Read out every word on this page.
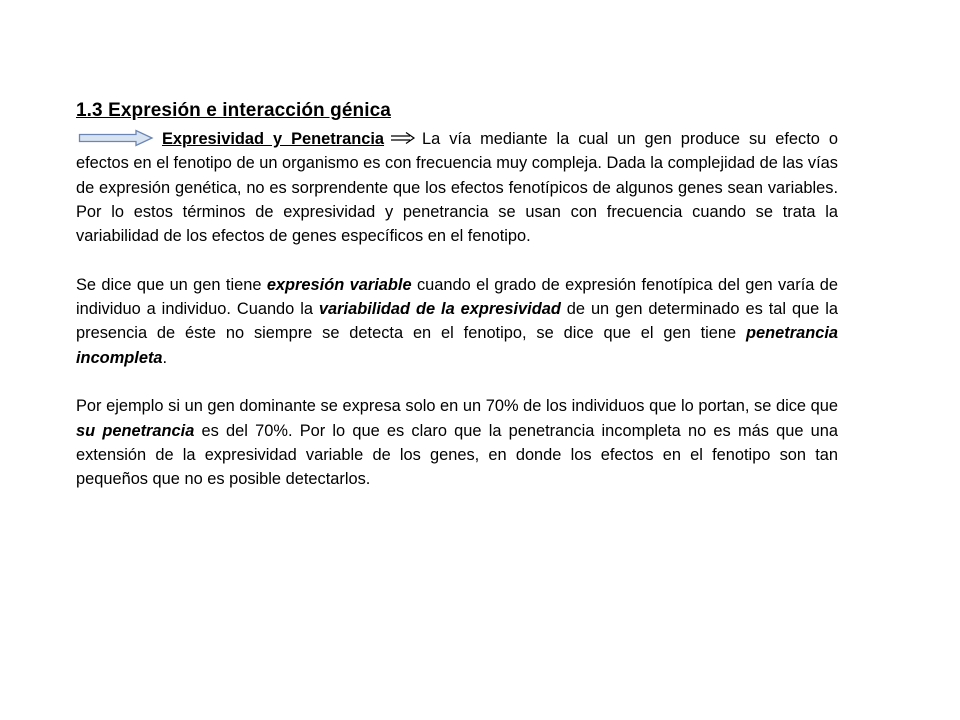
1.3 Expresión e interacción génica

Expresividad y Penetrancia La vía mediante la cual un gen produce su efecto o efectos en el fenotipo de un organismo es con frecuencia muy compleja. Dada la complejidad de las vías de expresión genética, no es sorprendente que los efectos fenotípicos de algunos genes sean variables. Por lo estos términos de expresividad y penetrancia se usan con frecuencia cuando se trata la variabilidad de los efectos de genes específicos en el fenotipo.

Se dice que un gen tiene expresión variable cuando el grado de expresión fenotípica del gen varía de individuo a individuo. Cuando la variabilidad de la expresividad de un gen determinado es tal que la presencia de éste no siempre se detecta en el fenotipo, se dice que el gen tiene penetrancia incompleta.

Por ejemplo si un gen dominante se expresa solo en un 70% de los individuos que lo portan, se dice que su penetrancia es del 70%. Por lo que es claro que la penetrancia incompleta no es más que una extensión de la expresividad variable de los genes, en donde los efectos en el fenotipo son tan pequeños que no es posible detectarlos.
